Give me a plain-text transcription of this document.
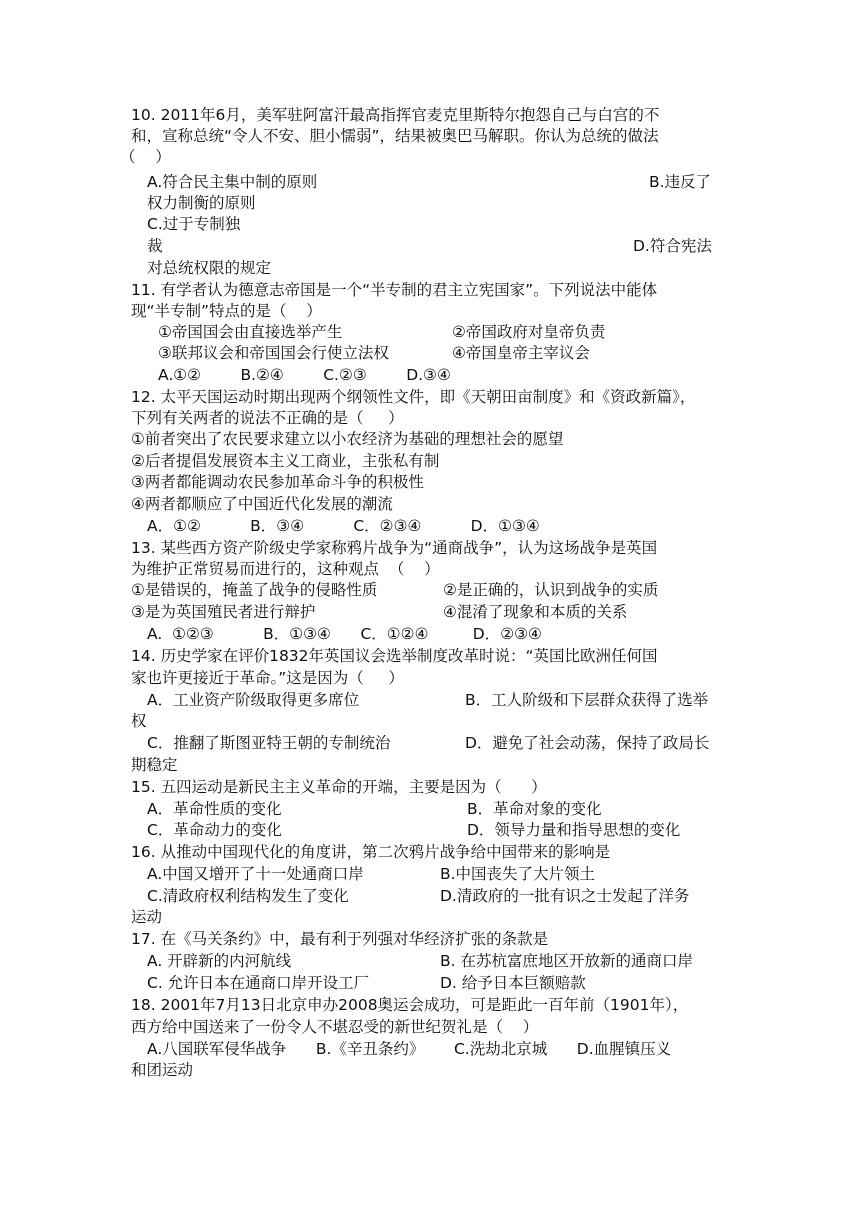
10. 2011年6月，美军驻阿富汗最高指挥官麦克里斯特尔抱怨自己与白宫的不
和，宣称总统“令人不安、胆小懦弱”，结果被奥巴马解职。你认为总统的做法
（    ）
A.符合民主集中制的原则	B.违反了
权力制衡的原则
C.过于专制独
裁	D.符合宪法
对总统权限的规定
11. 有学者认为德意志帝国是一个“半专制的君主立宪国家”。下列说法中能体
现“半专制”特点的是（    ）
①帝国国会由直接选举产生	②帝国政府对皇帝负责
③联邦议会和帝国国会行使立法权	④帝国皇帝主宰议会
A.①②        B.②④        C.②③        D.③④
12. 太平天国运动时期出现两个纲领性文件，即《天朝田亩制度》和《资政新篇》，
下列有关两者的说法不正确的是（     ）
①前者突出了农民要求建立以小农经济为基础的理想社会的愿望
②后者提倡发展资本主义工商业，主张私有制
③两者都能调动农民参加革命斗争的积极性
④两者都顺应了中国近代化发展的潮流
A．①②          B．③④          C．②③④          D．①③④
13. 某些西方资产阶级史学家称鸦片战争为“通商战争”，认为这场战争是英国
为维护正常贸易而进行的，这种观点  （    ）
①是错误的，掩盖了战争的侵略性质	②是正确的，认识到战争的实质
③是为英国殖民者进行辩护	④混淆了现象和本质的关系
A.  ①②③          B．①③④      C．①②④         D．②③④
14. 历史学家在评价1832年英国议会选举制度改革时说：“英国比欧洲任何国
家也许更接近于革命。”这是因为（     ）
A．工业资产阶级取得更多席位	B．工人阶级和下层群众获得了选举
权
C．推翻了斯图亚特王朝的专制统治	D．避免了社会动荡，保持了政局长
期稳定
15. 五四运动是新民主主义革命的开端，主要是因为（      ）
A．革命性质的变化	B．革命对象的变化
C．革命动力的变化	D．领导力量和指导思想的变化
16. 从推动中国现代化的角度讲，第二次鸦片战争给中国带来的影响是
A.中国又增开了十一处通商口岸	B.中国丧失了大片领土
C.清政府权利结构发生了变化	D.清政府的一批有识之士发起了洋务
运动
17. 在《马关条约》中，最有利于列强对华经济扩张的条款是
A. 开辟新的内河航线	B. 在苏杭富庶地区开放新的通商口岸
C. 允许日本在通商口岸开设工厂	D. 给予日本巨额赔款
18. 2001年7月13日北京申办2008奥运会成功，可是距此一百年前（1901年），
西方给中国送来了一份令人不堪忍受的新世纪贺礼是（    ）
A.八国联军侵华战争      B.《辛丑条约》      C.洗劫北京城      D.血腥镇压义
和团运动
